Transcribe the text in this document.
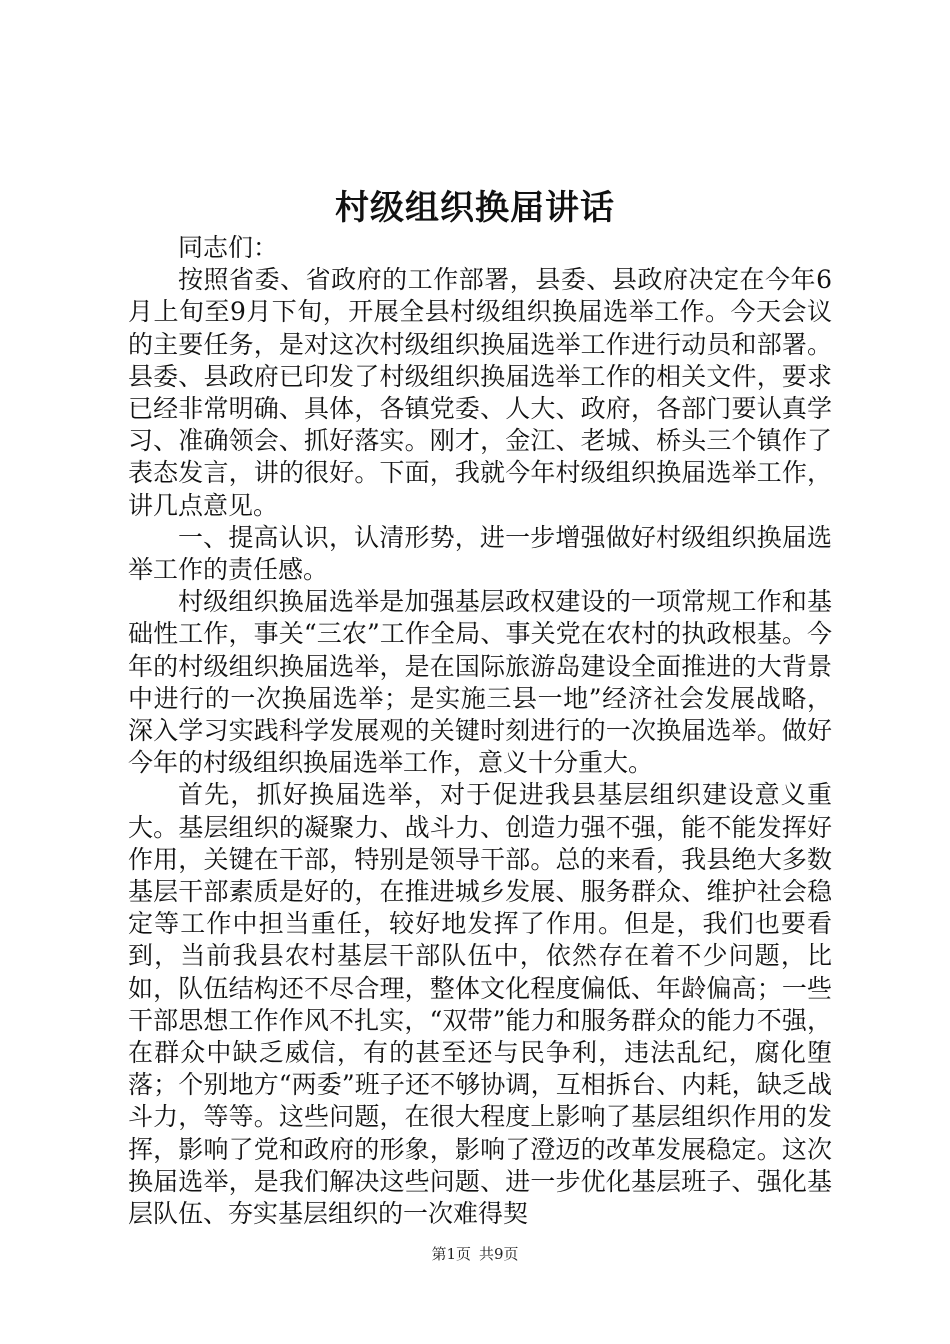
村级组织换届讲话

同志们：

按照省委、省政府的工作部署，县委、县政府决定在今年6月上旬至9月下旬，开展全县村级组织换届选举工作。今天会议的主要任务，是对这次村级组织换届选举工作进行动员和部署。县委、县政府已印发了村级组织换届选举工作的相关文件，要求已经非常明确、具体，各镇党委、人大、政府，各部门要认真学习、准确领会、抓好落实。刚才，金江、老城、桥头三个镇作了表态发言，讲的很好。下面，我就今年村级组织换届选举工作，讲几点意见。

一、提高认识，认清形势，进一步增强做好村级组织换届选举工作的责任感。

村级组织换届选举是加强基层政权建设的一项常规工作和基础性工作，事关“三农”工作全局、事关党在农村的执政根基。今年的村级组织换届选举，是在国际旅游岛建设全面推进的大背景中进行的一次换届选举；是实施三县一地”经济社会发展战略，深入学习实践科学发展观的关键时刻进行的一次换届选举。做好今年的村级组织换届选举工作，意义十分重大。

首先，抓好换届选举，对于促进我县基层组织建设意义重大。基层组织的凝聚力、战斗力、创造力强不强，能不能发挥好作用，关键在干部，特别是领导干部。总的来看，我县绝大多数基层干部素质是好的，在推进城乡发展、服务群众、维护社会稳定等工作中担当重任，较好地发挥了作用。但是，我们也要看到，当前我县农村基层干部队伍中，依然存在着不少问题，比如，队伍结构还不尽合理，整体文化程度偏低、年龄偏高；一些干部思想工作作风不扎实，“双带”能力和服务群众的能力不强，在群众中缺乏威信，有的甚至还与民争利，违法乱纪，腐化堕落；个别地方“两委”班子还不够协调，互相拆台、内耗，缺乏战斗力，等等。这些问题，在很大程度上影响了基层组织作用的发挥，影响了党和政府的形象，影响了澄迈的改革发展稳定。这次换届选举，是我们解决这些问题、进一步优化基层班子、强化基层队伍、夯实基层组织的一次难得契

第1页 共9页
